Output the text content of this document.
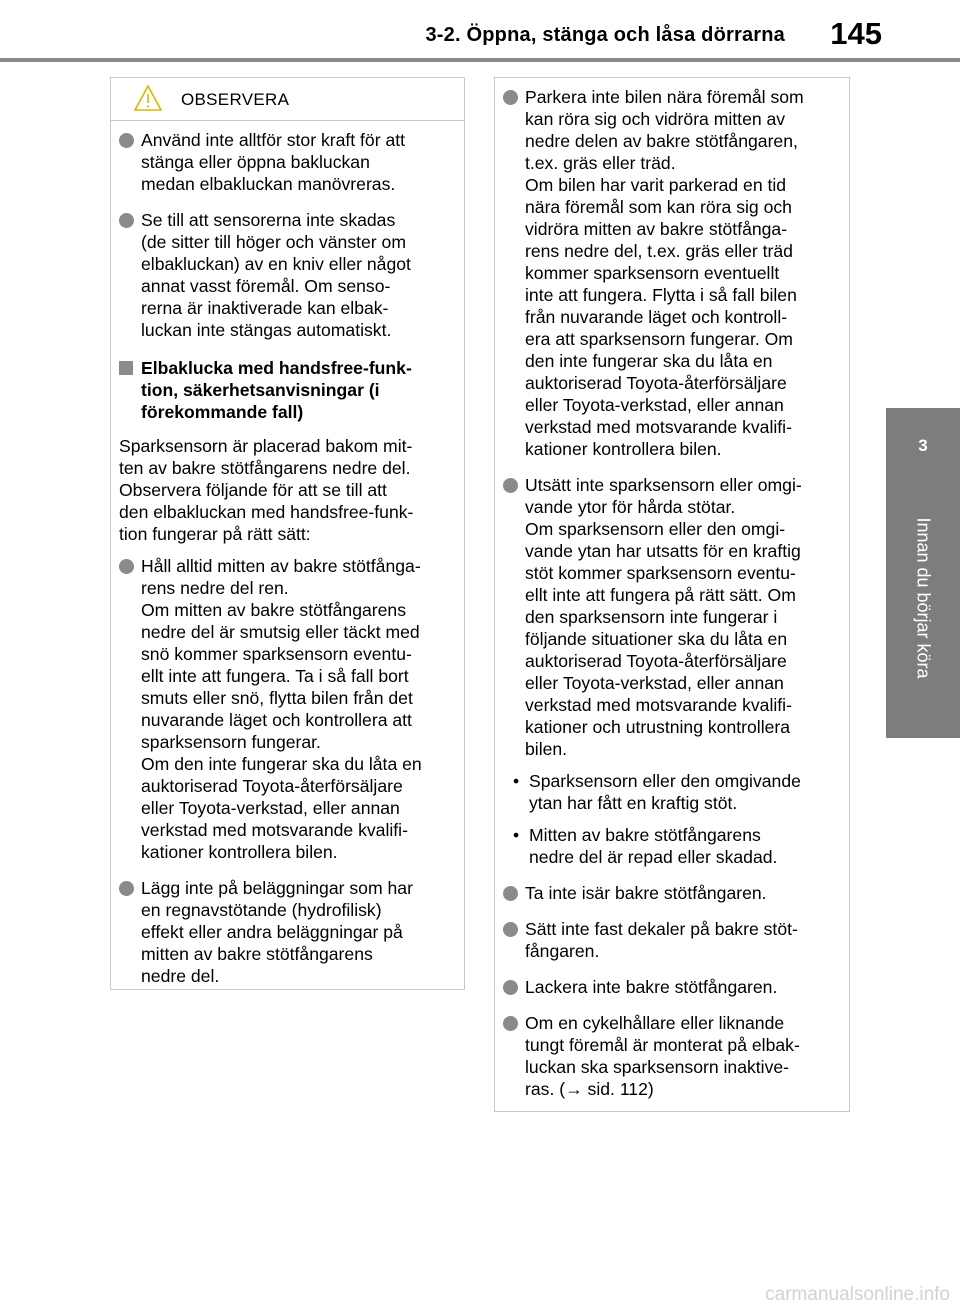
3-2. Öppna, stänga och låsa dörrarna 145
3
Innan du börjar köra
OBSERVERA
Använd inte alltför stor kraft för att
stänga eller öppna bakluckan
medan elbakluckan manövreras.
Se till att sensorerna inte skadas
(de sitter till höger och vänster om
elbakluckan) av en kniv eller något
annat vasst föremål. Om senso-
rerna är inaktiverade kan elbak-
luckan inte stängas automatiskt.
Elbaklucka med handsfree-funk-
tion, säkerhetsanvisningar (i
förekommande fall)
Sparksensorn är placerad bakom mit-
ten av bakre stötfångarens nedre del.
Observera följande för att se till att
den elbakluckan med handsfree-funk-
tion fungerar på rätt sätt:
Håll alltid mitten av bakre stötfånga-
rens nedre del ren.
Om mitten av bakre stötfångarens
nedre del är smutsig eller täckt med
snö kommer sparksensorn eventu-
ellt inte att fungera. Ta i så fall bort
smuts eller snö, flytta bilen från det
nuvarande läget och kontrollera att
sparksensorn fungerar.
Om den inte fungerar ska du låta en
auktoriserad Toyota-återförsäljare
eller Toyota-verkstad, eller annan
verkstad med motsvarande kvalifi-
kationer kontrollera bilen.
Lägg inte på beläggningar som har
en regnavstötande (hydrofilisk)
effekt eller andra beläggningar på
mitten av bakre stötfångarens
nedre del.
Parkera inte bilen nära föremål som
kan röra sig och vidröra mitten av
nedre delen av bakre stötfångaren,
t.ex. gräs eller träd.
Om bilen har varit parkerad en tid
nära föremål som kan röra sig och
vidröra mitten av bakre stötfånga-
rens nedre del, t.ex. gräs eller träd
kommer sparksensorn eventuellt
inte att fungera. Flytta i så fall bilen
från nuvarande läget och kontroll-
era att sparksensorn fungerar. Om
den inte fungerar ska du låta en
auktoriserad Toyota-återförsäljare
eller Toyota-verkstad, eller annan
verkstad med motsvarande kvalifi-
kationer kontrollera bilen.
Utsätt inte sparksensorn eller omgi-
vande ytor för hårda stötar.
Om sparksensorn eller den omgi-
vande ytan har utsatts för en kraftig
stöt kommer sparksensorn eventu-
ellt inte att fungera på rätt sätt. Om
den sparksensorn inte fungerar i
följande situationer ska du låta en
auktoriserad Toyota-återförsäljare
eller Toyota-verkstad, eller annan
verkstad med motsvarande kvalifi-
kationer och utrustning kontrollera
bilen.
• Sparksensorn eller den omgivande
ytan har fått en kraftig stöt.
• Mitten av bakre stötfångarens
nedre del är repad eller skadad.
Ta inte isär bakre stötfångaren.
Sätt inte fast dekaler på bakre stöt-
fångaren.
Lackera inte bakre stötfångaren.
Om en cykelhållare eller liknande
tungt föremål är monterat på elbak-
luckan ska sparksensorn inaktive-
ras. (→ sid. 112)
carmanualsonline.info
